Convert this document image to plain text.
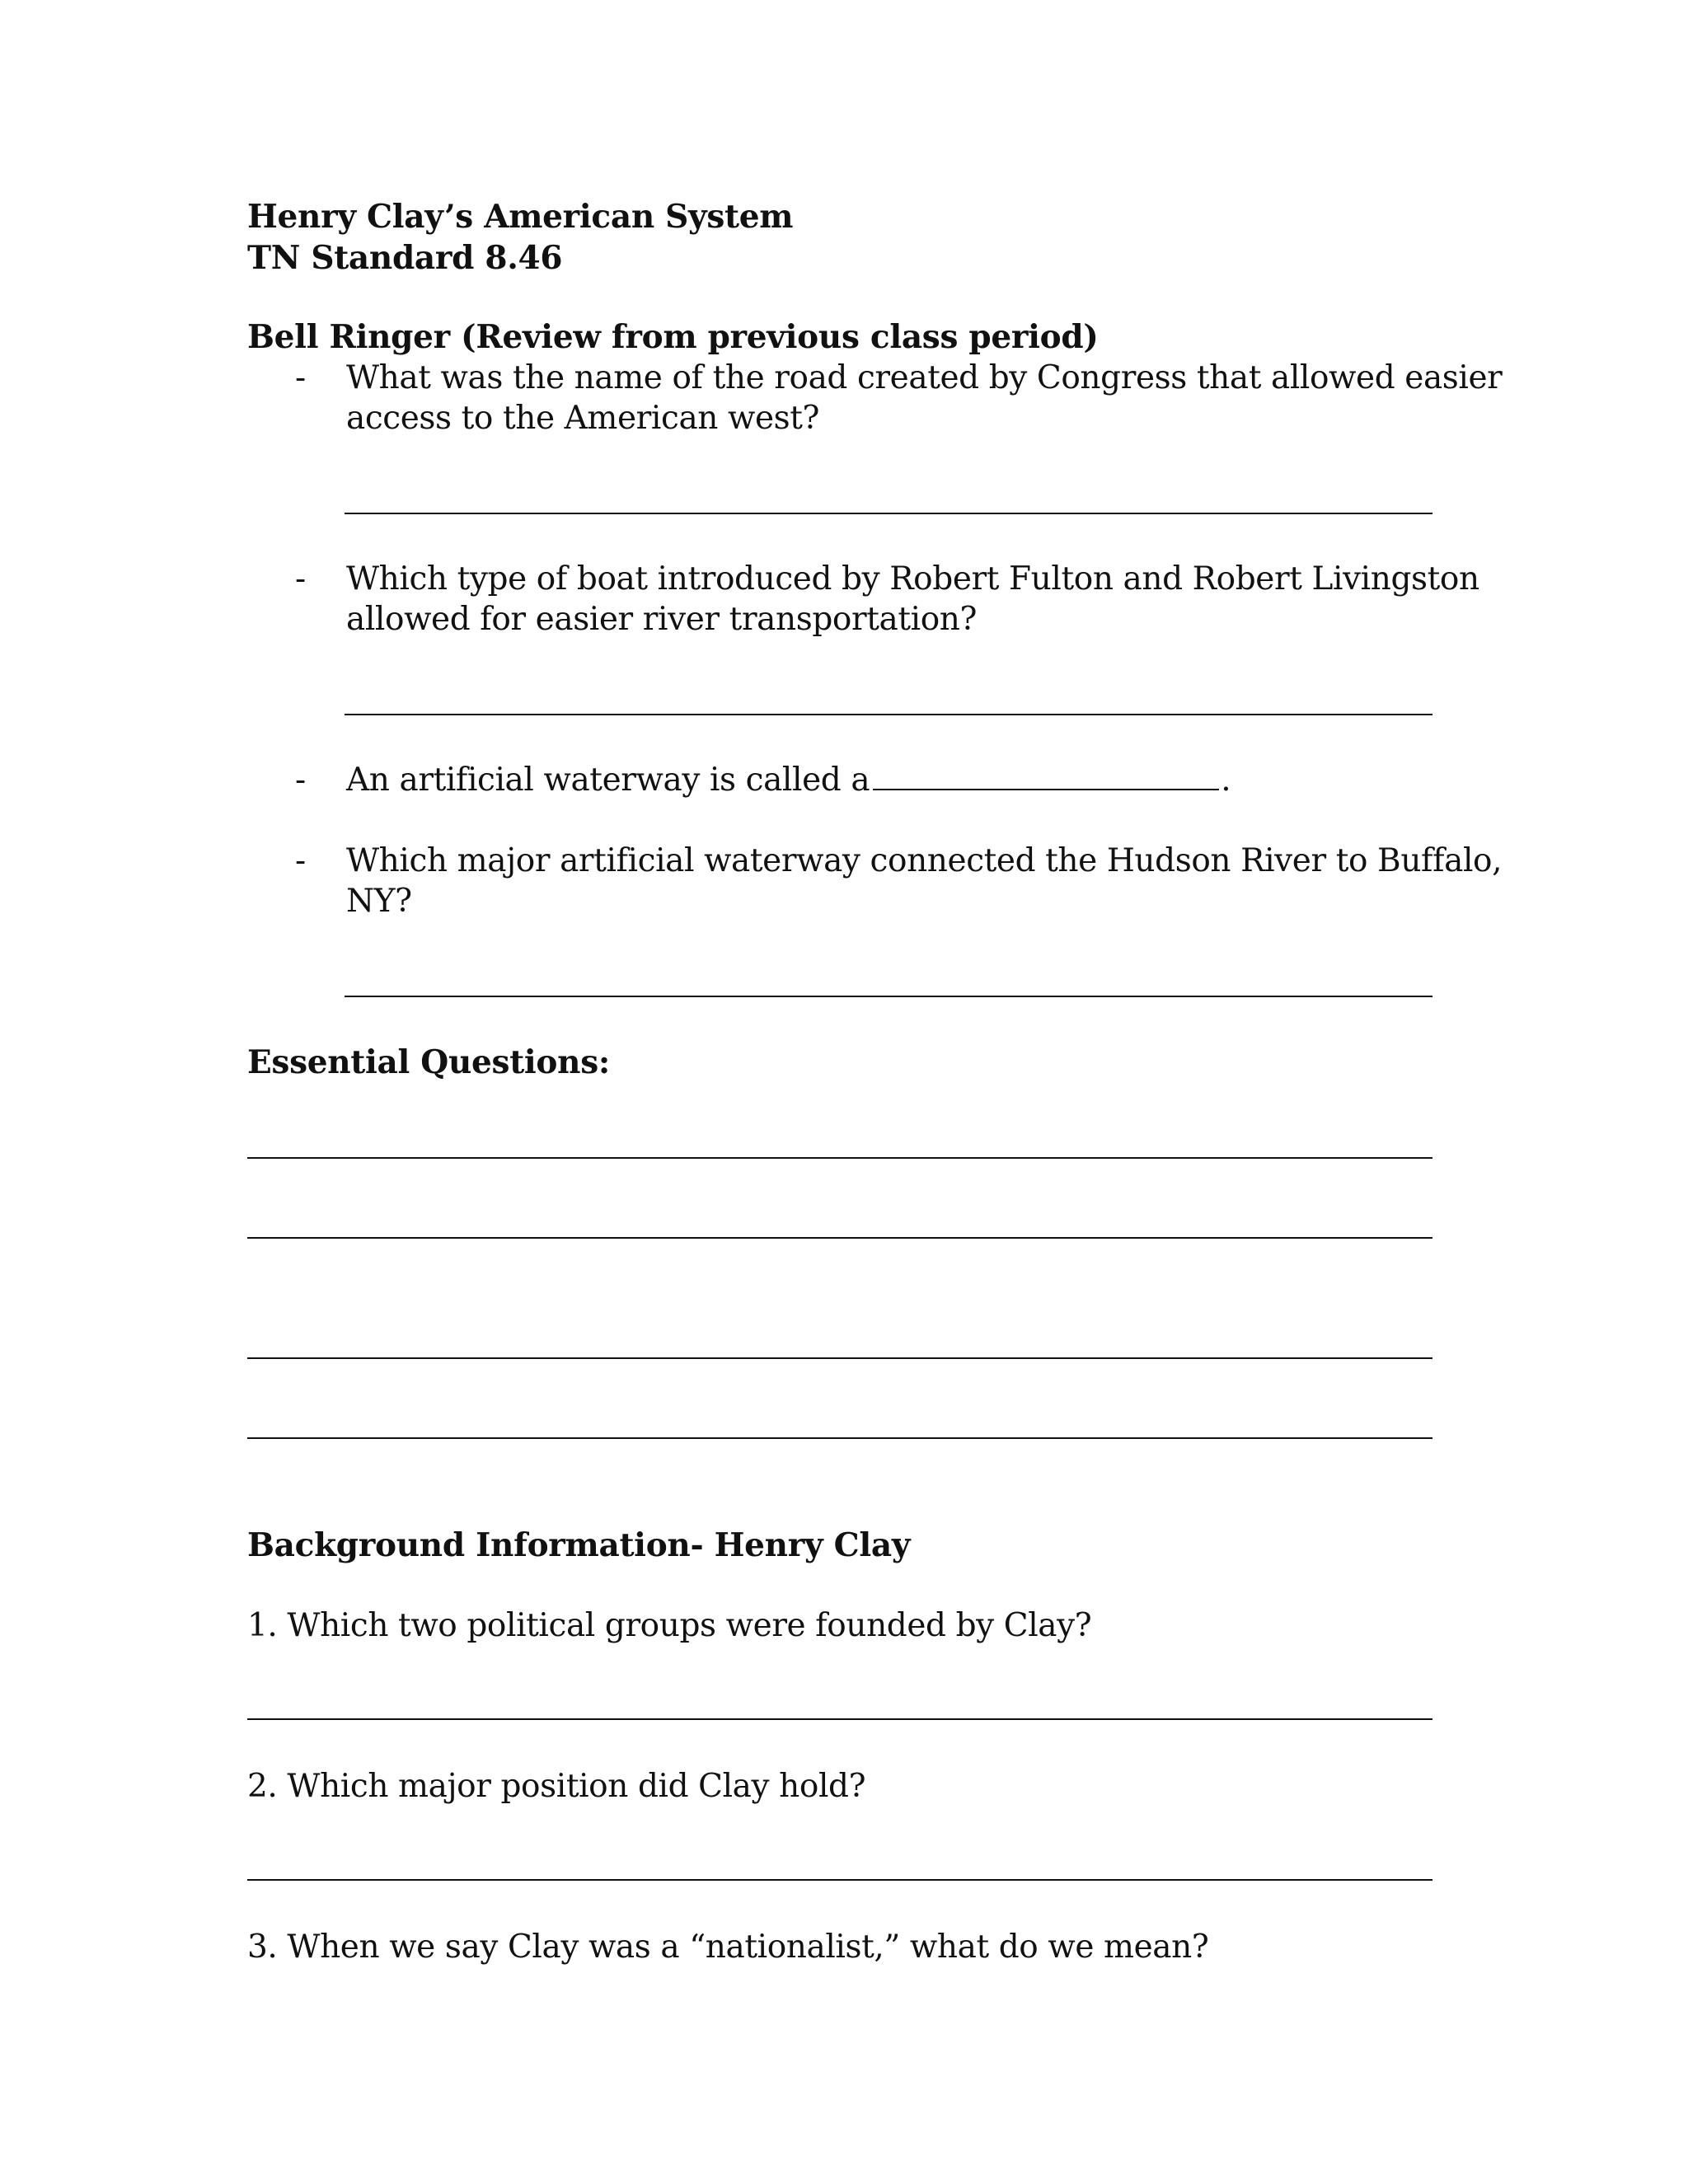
Henry Clay’s American System
TN Standard 8.46
Bell Ringer (Review from previous class period)
- What was the name of the road created by Congress that allowed easier
access to the American west?
- Which type of boat introduced by Robert Fulton and Robert Livingston
allowed for easier river transportation?
- An artificial waterway is called a	.
- Which major artificial waterway connected the Hudson River to Buffalo,
NY?
Essential Questions:
Background Information- Henry Clay
1. Which two political groups were founded by Clay?
2. Which major position did Clay hold?
3. When we say Clay was a “nationalist,” what do we mean?
